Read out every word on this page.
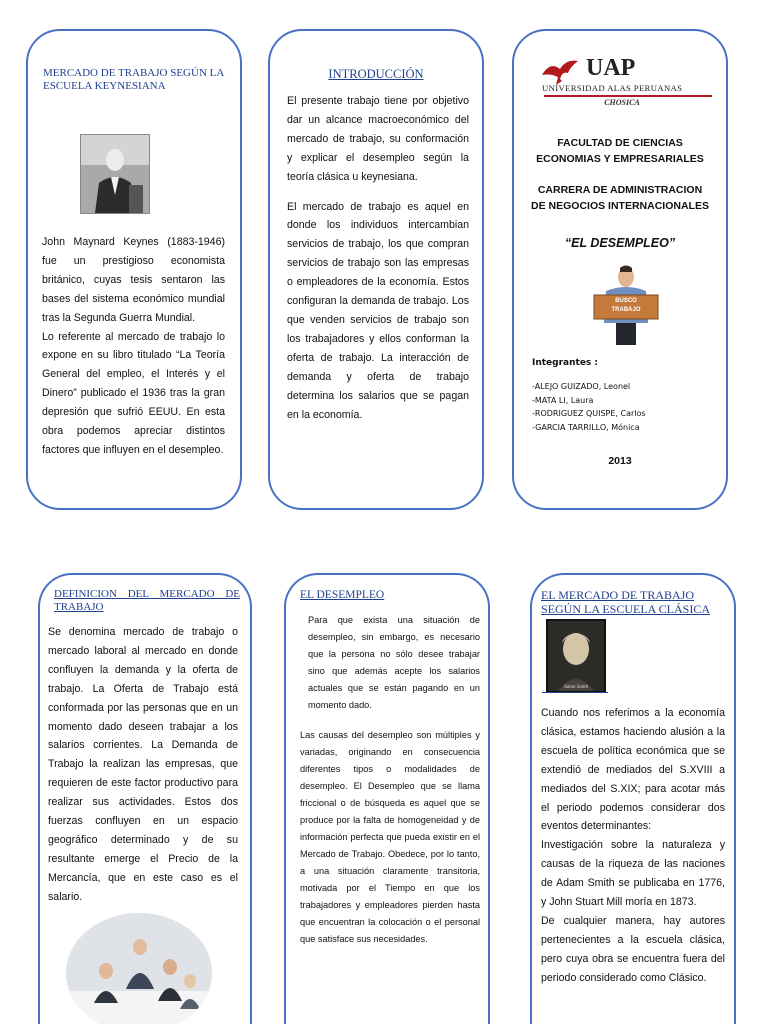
MERCADO DE TRABAJO SEGÚN LA ESCUELA KEYNESIANA

John Maynard Keynes (1883-1946) fue un prestigioso economista británico, cuyas tesis sentaron las bases del sistema económico mundial tras la Segunda Guerra Mundial.

Lo referente al mercado de trabajo lo expone en su libro titulado “La Teoría General del empleo, el Interés y el Dinero” publicado el 1936 tras la gran depresión que sufrió EEUU. En esta obra podemos apreciar distintos factores que influyen en el desempleo.

INTRODUCCIÓN

El presente trabajo tiene por objetivo dar un alcance macroeconómico del mercado de trabajo, su conformación y explicar el desempleo según la teoría clásica u keynesiana.

El mercado de trabajo es aquel en donde los individuos intercambian servicios de trabajo, los que compran servicios de trabajo son las empresas o empleadores de la economía. Estos configuran la demanda de trabajo. Los que venden servicios de trabajo son los trabajadores y ellos conforman la oferta de trabajo. La interacción de demanda y oferta de trabajo determina los salarios que se pagan en la economía.

UAP
UNIVERSIDAD ALAS PERUANAS
CHOSICA
FACULTAD DE CIENCIAS
ECONOMIAS Y EMPRESARIALES
CARRERA DE ADMINISTRACION
DE NEGOCIOS INTERNACIONALES
“EL DESEMPLEO”
BUSCO
TRABAJO
Integrantes :
-ALEJO GUIZADO, Leonel
-MATA LI, Laura
-RODRIGUEZ QUISPE, Carlos
-GARCIA TARRILLO, Mónica
2013
DEFINICION DEL MERCADO DE TRABAJO

Se denomina mercado de trabajo o mercado laboral al mercado en donde confluyen la demanda y la oferta de trabajo. La Oferta de Trabajo está conformada por las personas que en un momento dado deseen trabajar a los salarios corrientes. La Demanda de Trabajo la realizan las empresas, que requieren de este factor productivo para realizar sus actividades. Estos dos fuerzas confluyen en un espacio geográfico determinado y de su resultante emerge el Precio de la Mercancía, que en este caso es el salario.

EL DESEMPLEO

Para que exista una situación de desempleo, sin embargo, es necesario que la persona no sólo desee trabajar sino que además acepte los salarios actuales que se están pagando en un momento dado.

Las causas del desempleo son múltiples y variadas, originando en consecuencia diferentes tipos o modalidades de desempleo. El Desempleo que se llama friccional o de búsqueda es aquel que se produce por la falta de homogeneidad y de información perfecta que pueda existir en el Mercado de Trabajo. Obedece, por lo tanto, a una situación claramente transitoria, motivada por el Tiempo en que los trabajadores y empleadores pierden hasta que encuentran la colocación o el personal que satisface sus necesidades.

EL MERCADO DE TRABAJO SEGÚN LA ESCUELA CLÁSICA
Adam Smith

Cuando nos referimos a la economía clásica, estamos haciendo alusión a la escuela de política económica que se extendió de mediados del S.XVIII a mediados del S.XIX; para acotar más el periodo podemos considerar dos eventos determinantes:

Investigación sobre la naturaleza y causas de la riqueza de las naciones de Adam Smith se publicaba en 1776, y John Stuart Mill moría en 1873.

De cualquier manera, hay autores pertenecientes a la escuela clásica, pero cuya obra se encuentra fuera del periodo considerado como Clásico.
